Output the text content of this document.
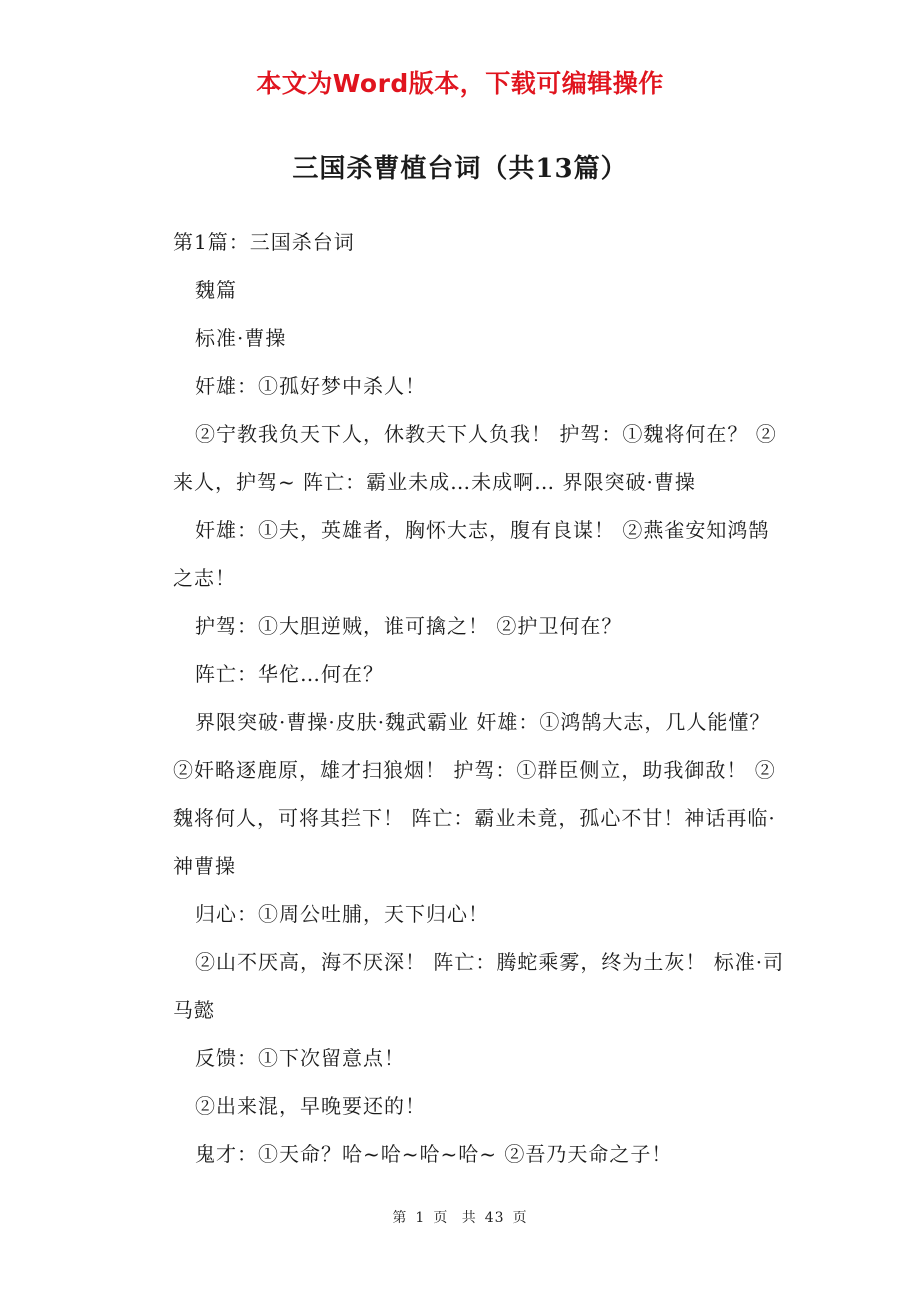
本文为Word版本，下载可编辑操作
三国杀曹植台词（共13篇）

第1篇：三国杀台词

魏篇

标准·曹操

奸雄：①孤好梦中杀人！

②宁教我负天下人，休教天下人负我！ 护驾：①魏将何在？ ②来人，护驾~ 阵亡：霸业未成…未成啊… 界限突破·曹操

奸雄：①夫，英雄者，胸怀大志，腹有良谋！ ②燕雀安知鸿鹄之志！

护驾：①大胆逆贼，谁可擒之！ ②护卫何在？

阵亡：华佗…何在？

界限突破·曹操·皮肤·魏武霸业 奸雄：①鸿鹄大志，几人能懂？ ②奸略逐鹿原，雄才扫狼烟！ 护驾：①群臣侧立，助我御敌！ ②魏将何人，可将其拦下！ 阵亡：霸业未竟，孤心不甘！神话再临·神曹操

归心：①周公吐脯，天下归心！

②山不厌高，海不厌深！ 阵亡：腾蛇乘雾，终为土灰！ 标准·司马懿

反馈：①下次留意点！

②出来混，早晚要还的！

鬼才：①天命？哈~哈~哈~哈~ ②吾乃天命之子！

第 1 页 共 43 页
